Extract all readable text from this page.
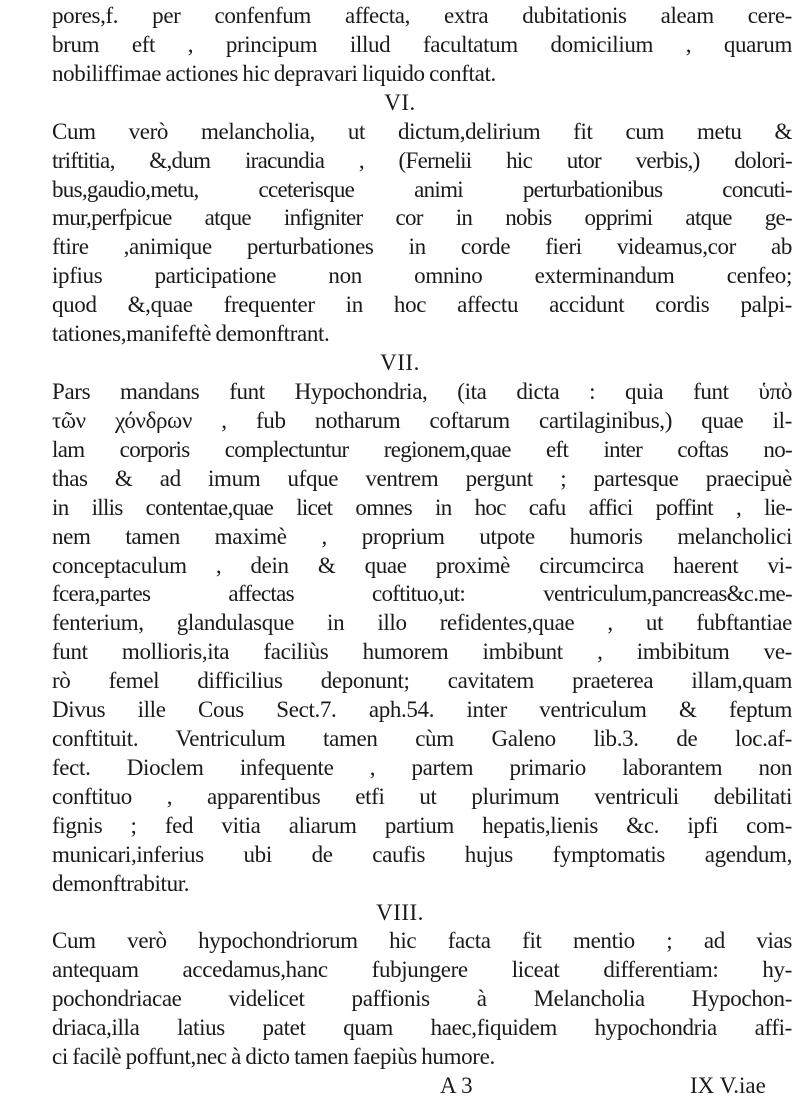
pores,f. per confenfum affecta, extra dubitationis aleam cere-
brum eft , principum illud facultatum domicilium , quarum
nobiliffimae actiones hic depravari liquido conftat.
VI.
Cum verò melancholia, ut dictum,delirium fit cum metu &
triftitia, &,dum iracundia , (Fernelii hic utor verbis,) dolori-
bus,gaudio,metu, cceterisque animi perturbationibus concuti-
mur,perfpicue atque infigniter cor in nobis opprimi atque ge-
ftire ,animique perturbationes in corde fieri videamus,cor ab
ipfius participatione non omnino exterminandum cenfeo;
quod &,quae frequenter in hoc affectu accidunt cordis palpi-
tationes,manifeftè demonftrant.
VII.
Pars mandans funt Hypochondria, (ita dicta : quia funt ὑπὸ
τῶν χόνδρων , fub notharum coftarum cartilaginibus,) quae il-
lam corporis complectuntur regionem,quae eft inter coftas no-
thas & ad imum ufque ventrem pergunt ; partesque praecipuè
in illis contentae,quae licet omnes in hoc cafu affici poffint , lie-
nem tamen maximè , proprium utpote humoris melancholici
conceptaculum , dein & quae proximè circumcirca haerent vi-
fcera,partes affectas coftituo,ut: ventriculum,pancreas&c.me-
fenterium, glandulasque in illo refidentes,quae , ut fubftantiae
funt mollioris,ita faciliùs humorem imbibunt , imbibitum ve-
rò femel difficilius deponunt; cavitatem praeterea illam,quam
Divus ille Cous Sect.7. aph.54. inter ventriculum & feptum
conftituit. Ventriculum tamen cùm Galeno lib.3. de loc.af-
fect. Dioclem infequente , partem primario laborantem non
conftituo , apparentibus etfi ut plurimum ventriculi debilitati
fignis ; fed vitia aliarum partium hepatis,lienis &c. ipfi com-
municari,inferius ubi de caufis hujus fymptomatis agendum,
demonftrabitur.
VIII.
Cum verò hypochondriorum hic facta fit mentio ; ad vias
antequam accedamus,hanc fubjungere liceat differentiam: hy-
pochondriacae videlicet paffionis à Melancholia Hypochon-
driaca,illa latius patet quam haec,fiquidem hypochondria affi-
ci facilè poffunt,nec à dicto tamen faepiùs humore.
A 3	IX V.iae
